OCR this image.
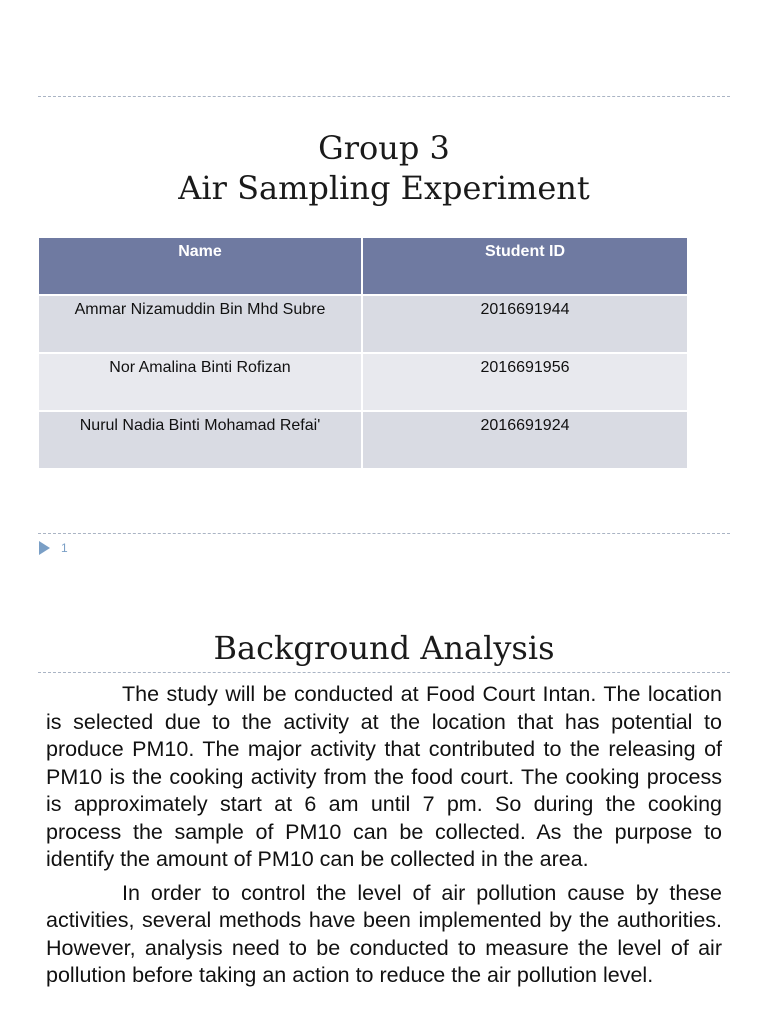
Group 3
Air Sampling Experiment
Name	Student ID
Ammar Nizamuddin Bin Mhd Subre	2016691944
Nor Amalina Binti Rofizan	2016691956
Nurul Nadia Binti Mohamad Refai'	2016691924
1
Background Analysis

The study will be conducted at Food Court Intan. The location is selected due to the activity at the location that has potential to produce PM10. The major activity that contributed to the releasing of PM10 is the cooking activity from the food court. The cooking process is approximately start at 6 am until 7 pm. So during the cooking process the sample of PM10 can be collected. As the purpose to identify the amount of PM10 can be collected in the area.

In order to control the level of air pollution cause by these activities, several methods have been implemented by the authorities. However, analysis need to be conducted to measure the level of air pollution before taking an action to reduce the air pollution level.
